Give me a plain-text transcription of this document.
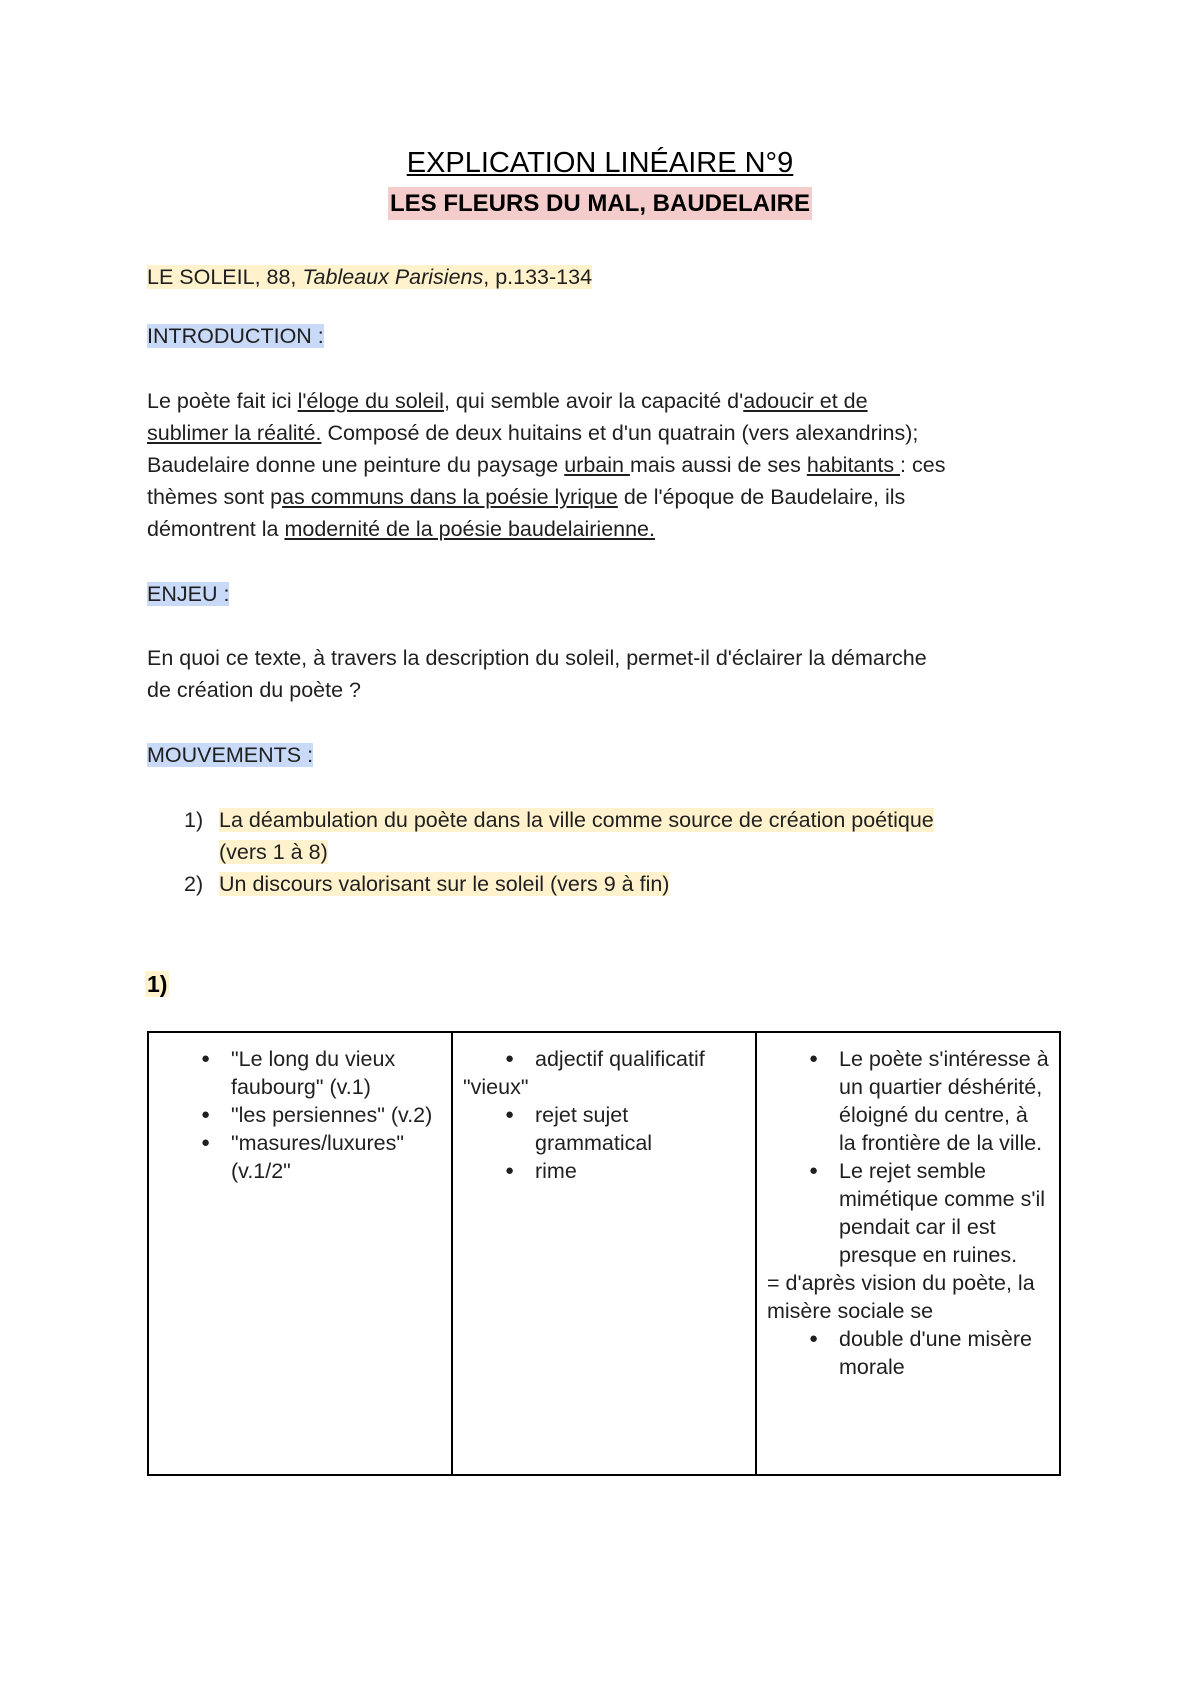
EXPLICATION LINÉAIRE N°9
LES FLEURS DU MAL, BAUDELAIRE
LE SOLEIL, 88, Tableaux Parisiens, p.133-134
INTRODUCTION :
Le poète fait ici l'éloge du soleil, qui semble avoir la capacité d'adoucir et de
sublimer la réalité. Composé de deux huitains et d'un quatrain (vers alexandrins);
Baudelaire donne une peinture du paysage urbain mais aussi de ses habitants : ces
thèmes sont pas communs dans la poésie lyrique de l'époque de Baudelaire, ils
démontrent la modernité de la poésie baudelairienne.
ENJEU :
En quoi ce texte, à travers la description du soleil, permet-il d'éclairer la démarche
de création du poète ?
MOUVEMENTS :
1) La déambulation du poète dans la ville comme source de création poétique
(vers 1 à 8)
2) Un discours valorisant sur le soleil (vers 9 à fin)
1)
● "Le long du vieux faubourg" (v.1)
● "les persiennes" (v.2)
● "masures/luxures" (v.1/2"

● adjectif qualificatif
"vieux"
● rejet sujet grammatical
● rime

● Le poète s'intéresse à un quartier déshérité, éloigné du centre, à la frontière de la ville.
● Le rejet semble mimétique comme s'il pendait car il est presque en ruines.
= d'après vision du poète, la misère sociale se
● double d'une misère morale
